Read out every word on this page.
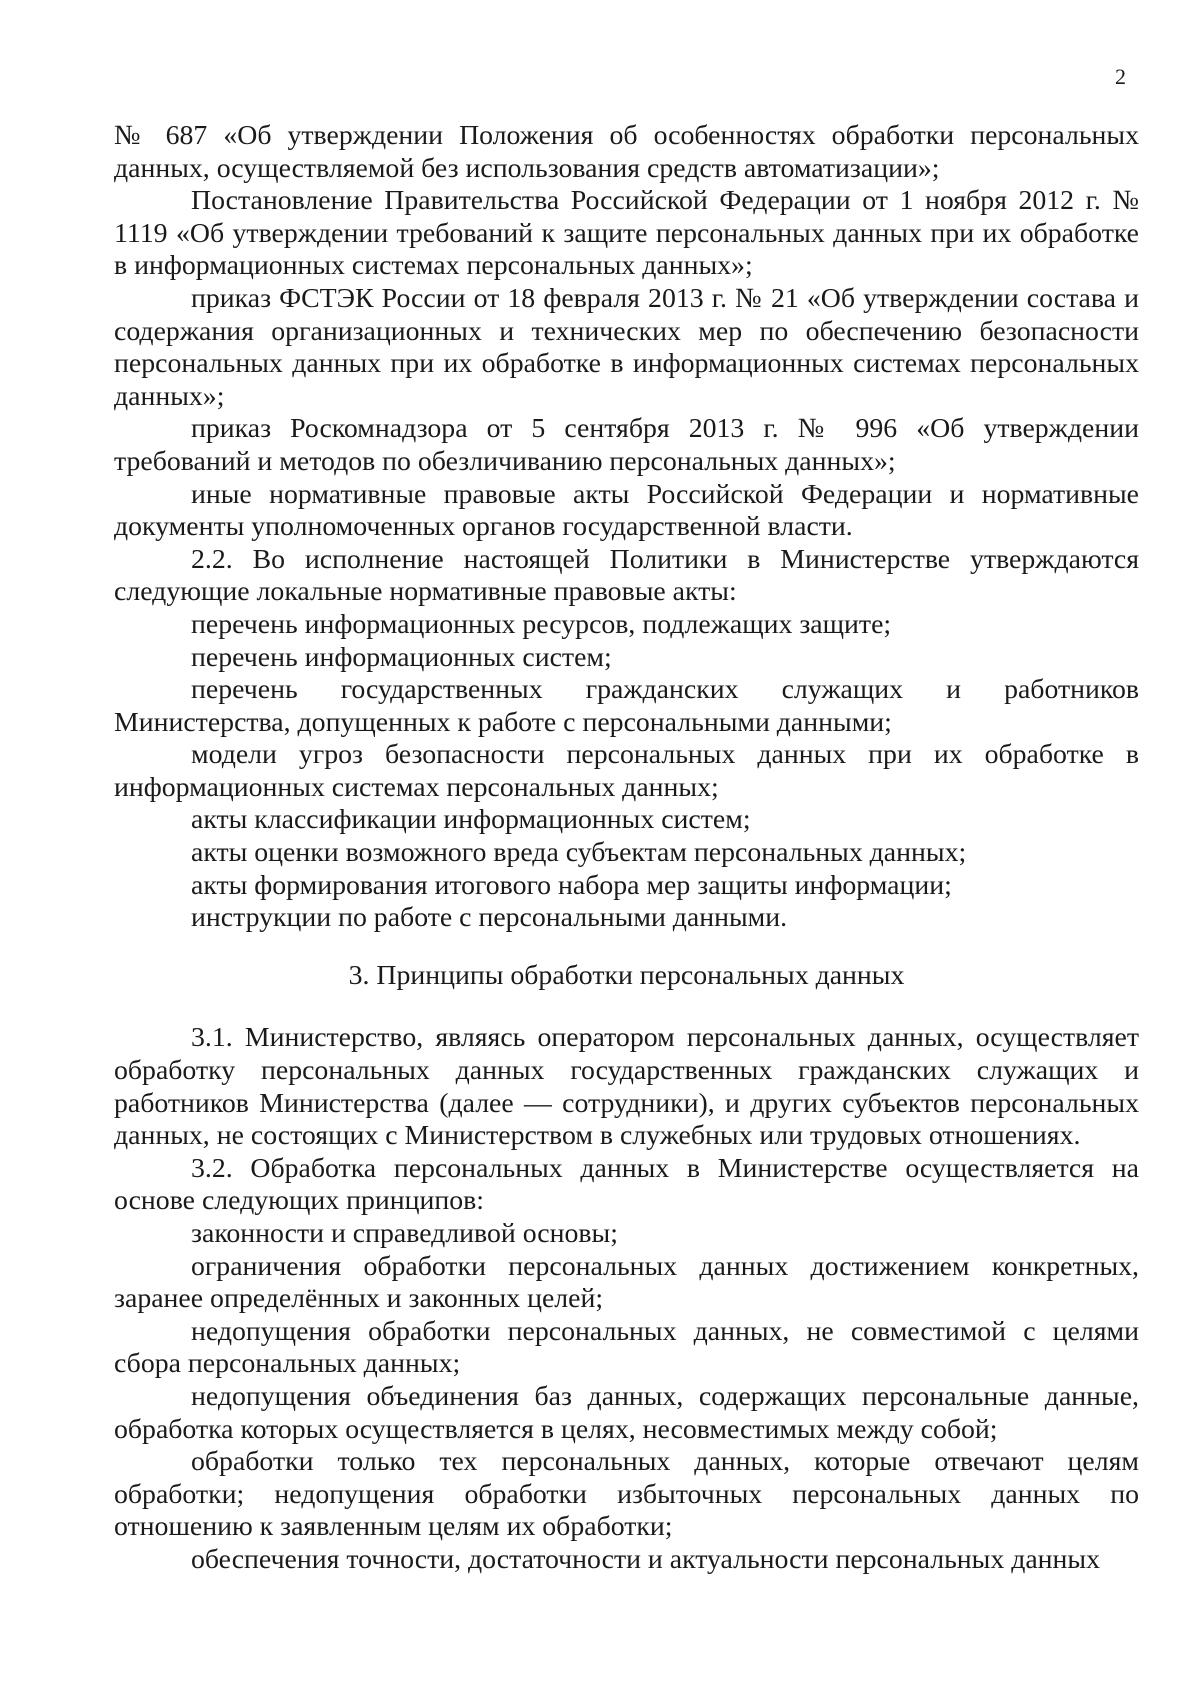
2

№ 687 «Об утверждении Положения об особенностях обработки персональных данных, осуществляемой без использования средств автоматизации»;

Постановление Правительства Российской Федерации от 1 ноября 2012 г. № 1119 «Об утверждении требований к защите персональных данных при их обработке в информационных системах персональных данных»;

приказ ФСТЭК России от 18 февраля 2013 г. № 21 «Об утверждении состава и содержания организационных и технических мер по обеспечению безопасности персональных данных при их обработке в информационных системах персональных данных»;

приказ Роскомнадзора от 5 сентября 2013 г. № 996 «Об утверждении требований и методов по обезличиванию персональных данных»;

иные нормативные правовые акты Российской Федерации и нормативные документы уполномоченных органов государственной власти.

2.2. Во исполнение настоящей Политики в Министерстве утверждаются следующие локальные нормативные правовые акты:

перечень информационных ресурсов, подлежащих защите;

перечень информационных систем;

перечень государственных гражданских служащих и работников Министерства, допущенных к работе с персональными данными;

модели угроз безопасности персональных данных при их обработке в информационных системах персональных данных;

акты классификации информационных систем;

акты оценки возможного вреда субъектам персональных данных;

акты формирования итогового набора мер защиты информации;

инструкции по работе с персональными данными.

3. Принципы обработки персональных данных

3.1. Министерство, являясь оператором персональных данных, осуществляет обработку персональных данных государственных гражданских служащих и работников Министерства (далее — сотрудники), и других субъектов персональных данных, не состоящих с Министерством в служебных или трудовых отношениях.

3.2. Обработка персональных данных в Министерстве осуществляется на основе следующих принципов:

законности и справедливой основы;

ограничения обработки персональных данных достижением конкретных, заранее определённых и законных целей;

недопущения обработки персональных данных, не совместимой с целями сбора персональных данных;

недопущения объединения баз данных, содержащих персональные данные, обработка которых осуществляется в целях, несовместимых между собой;

обработки только тех персональных данных, которые отвечают целям обработки; недопущения обработки избыточных персональных данных по отношению к заявленным целям их обработки;

обеспечения точности, достаточности и актуальности персональных данных
